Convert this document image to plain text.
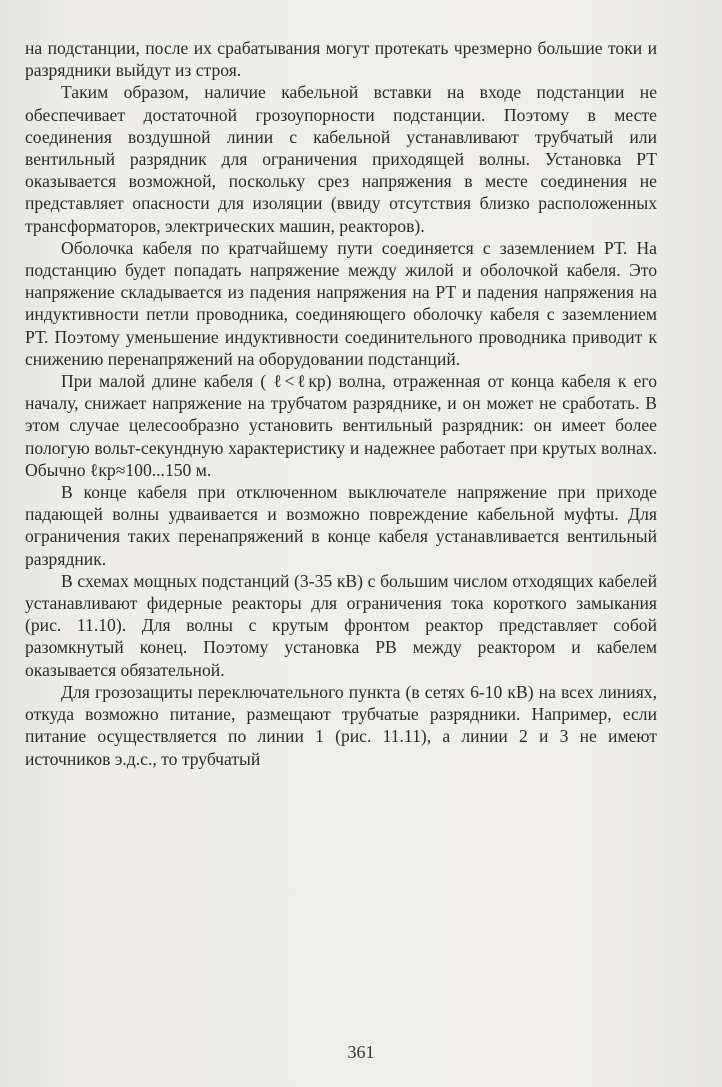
на подстанции, после их срабатывания могут протекать чрезмерно большие токи и разрядники выйдут из строя.

Таким образом, наличие кабельной вставки на входе подстанции не обеспечивает достаточной грозоупорности подстанции. Поэтому в месте соединения воздушной линии с кабельной устанавливают трубчатый или вентильный разрядник для ограничения приходящей волны. Установка РТ оказывается возможной, поскольку срез напряжения в месте соединения не представляет опасности для изоляции (ввиду отсутствия близко расположенных трансформаторов, электрических машин, реакторов).

Оболочка кабеля по кратчайшему пути соединяется с заземлением РТ. На подстанцию будет попадать напряжение между жилой и оболочкой кабеля. Это напряжение складывается из падения напряжения на РТ и падения напряжения на индуктивности петли проводника, соединяющего оболочку кабеля с заземлением РТ. Поэтому уменьшение индуктивности соединительного проводника приводит к снижению перенапряжений на оборудовании подстанций.

При малой длине кабеля ( ℓ<ℓкр) волна, отраженная от конца кабеля к его началу, снижает напряжение на трубчатом разряднике, и он может не сработать. В этом случае целесообразно установить вентильный разрядник: он имеет более пологую вольт-секундную характеристику и надежнее работает при крутых волнах. Обычно ℓкр≈100...150 м.

В конце кабеля при отключенном выключателе напряжение при приходе падающей волны удваивается и возможно повреждение кабельной муфты. Для ограничения таких перенапряжений в конце кабеля устанавливается вентильный разрядник.

В схемах мощных подстанций (3-35 кВ) с большим числом отходящих кабелей устанавливают фидерные реакторы для ограничения тока короткого замыкания (рис. 11.10). Для волны с крутым фронтом реактор представляет собой разомкнутый конец. Поэтому установка РВ между реактором и кабелем оказывается обязательной.

Для грозозащиты переключательного пункта (в сетях 6-10 кВ) на всех линиях, откуда возможно питание, размещают трубчатые разрядники. Например, если питание осуществляется по линии 1 (рис. 11.11), а линии 2 и 3 не имеют источников э.д.с., то трубчатый

361
